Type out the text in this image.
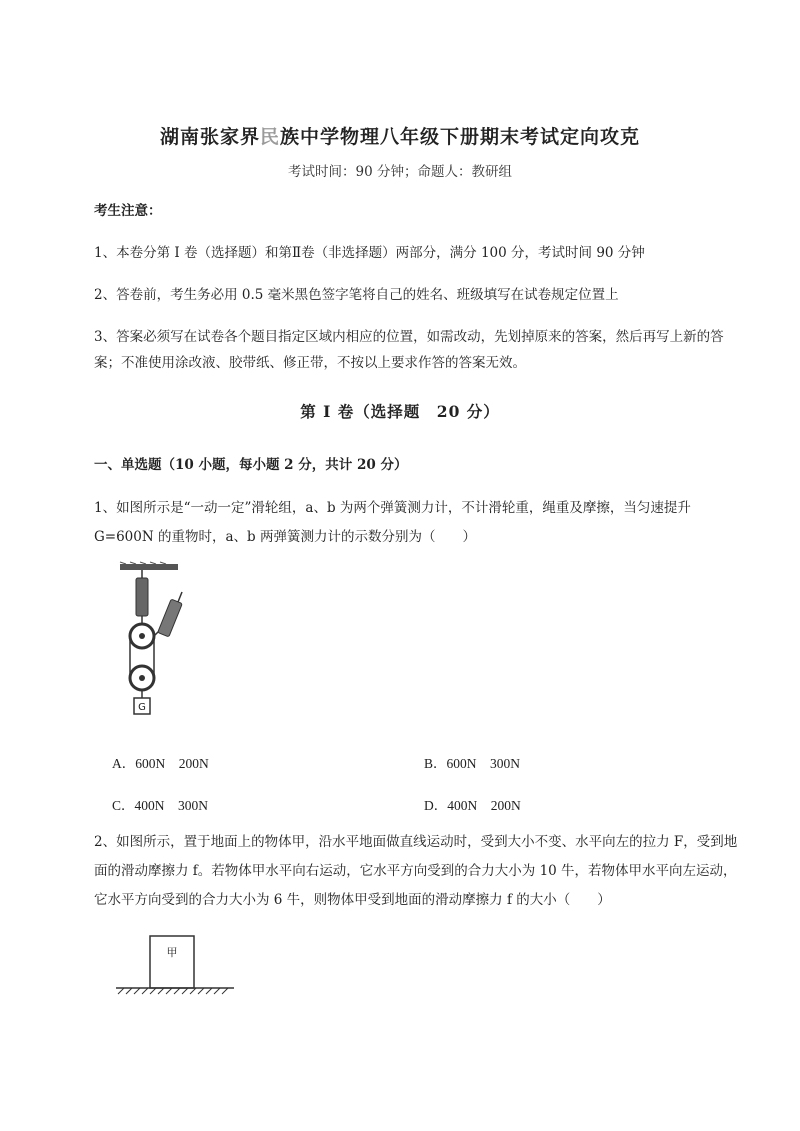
湖南张家界民族中学物理八年级下册期末考试定向攻克
考试时间：90 分钟；命题人：教研组
考生注意：
1、本卷分第 I 卷（选择题）和第Ⅱ卷（非选择题）两部分，满分 100 分，考试时间 90 分钟
2、答卷前，考生务必用 0.5 毫米黑色签字笔将自己的姓名、班级填写在试卷规定位置上
3、答案必须写在试卷各个题目指定区域内相应的位置，如需改动，先划掉原来的答案，然后再写上新的答案；不准使用涂改液、胶带纸、修正带，不按以上要求作答的答案无效。
第 I 卷（选择题　20 分）
一、单选题（10 小题，每小题 2 分，共计 20 分）
1、如图所示是“一动一定”滑轮组，a、b 为两个弹簧测力计，不计滑轮重，绳重及摩擦，当匀速提升 G=600N 的重物时，a、b 两弹簧测力计的示数分别为（　　）
G
A．600N　200N	B．600N　300N
C．400N　300N	D．400N　200N
2、如图所示，置于地面上的物体甲，沿水平地面做直线运动时，受到大小不变、水平向左的拉力 F，受到地面的滑动摩擦力 f。若物体甲水平向右运动，它水平方向受到的合力大小为 10 牛，若物体甲水平向左运动，它水平方向受到的合力大小为 6 牛，则物体甲受到地面的滑动摩擦力 f 的大小（　　）
甲
